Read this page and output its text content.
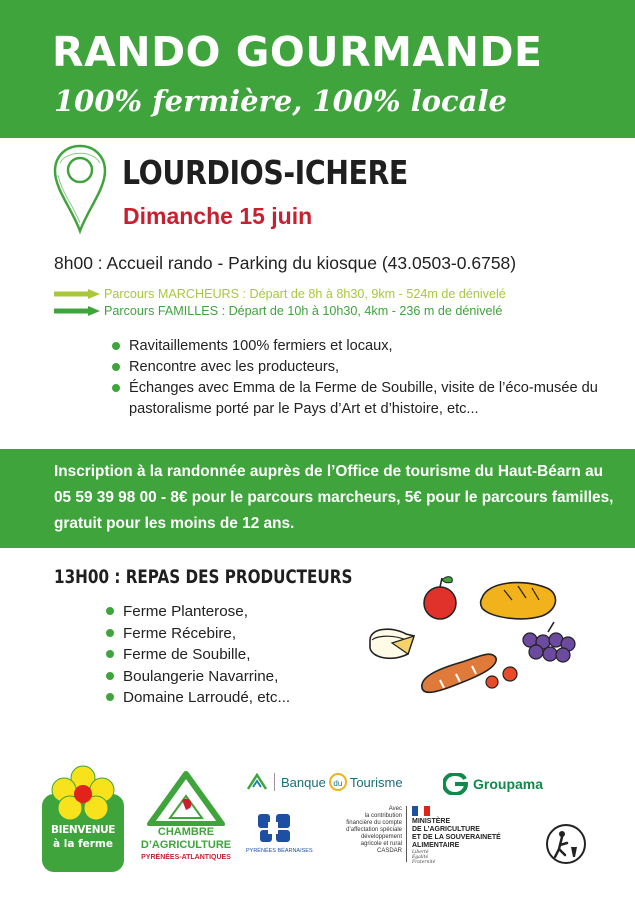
RANDO GOURMANDE
100% fermière, 100% locale
LOURDIOS-ICHERE
Dimanche 15 juin
8h00 : Accueil rando - Parking du kiosque (43.0503-0.6758)
Parcours MARCHEURS : Départ de 8h à 8h30, 9km - 524m de dénivelé
Parcours FAMILLES : Départ de 10h à 10h30, 4km - 236 m de dénivelé
Ravitaillements 100% fermiers et locaux,
Rencontre avec les producteurs,
Échanges avec Emma de la Ferme de Soubille, visite de l’éco-musée du pastoralisme porté par le Pays d’Art et d’histoire, etc...
Inscription à la randonnée auprès de l’Office de tourisme du Haut-Béarn au 05 59 39 98 00 - 8€ pour le parcours marcheurs, 5€ pour le parcours familles, gratuit pour les moins de 12 ans.
13H00 : REPAS DES PRODUCTEURS
Ferme Planterose,
Ferme Récebire,
Ferme de Soubille,
Boulangerie Navarrine,
Domaine Larroudé, etc...
BIENVENUE
à la ferme
CHAMBRE
D’AGRICULTURE
PYRÉNÉES-ATLANTIQUES
Banque du Tourisme
PYRÉNÉES BÉARNAISES
Avec
la contribution
financière du compte
d’affectation spéciale
développement
agricole et rural
CASDAR
MINISTÈRE
DE L’AGRICULTURE
ET DE LA SOUVERAINETÉ
ALIMENTAIRE
Liberté
Égalité
Fraternité
Groupama
